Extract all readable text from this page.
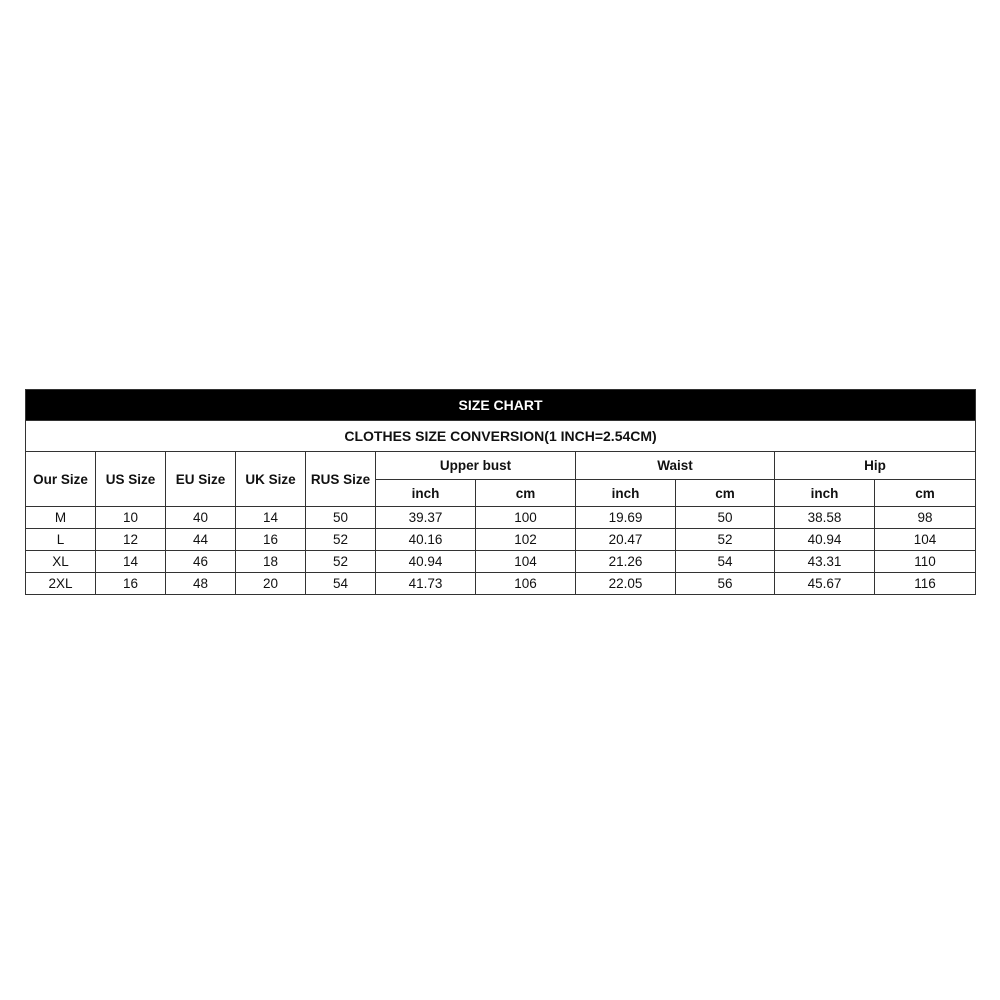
SIZE CHART										
CLOTHES SIZE CONVERSION(1 INCH=2.54CM)										
Our Size	US Size	EU Size	UK Size	RUS Size	Upper bust		Waist		Hip	
					inch	cm	inch	cm	inch	cm
M	10	40	14	50	39.37	100	19.69	50	38.58	98
L	12	44	16	52	40.16	102	20.47	52	40.94	104
XL	14	46	18	52	40.94	104	21.26	54	43.31	110
2XL	16	48	20	54	41.73	106	22.05	56	45.67	116
